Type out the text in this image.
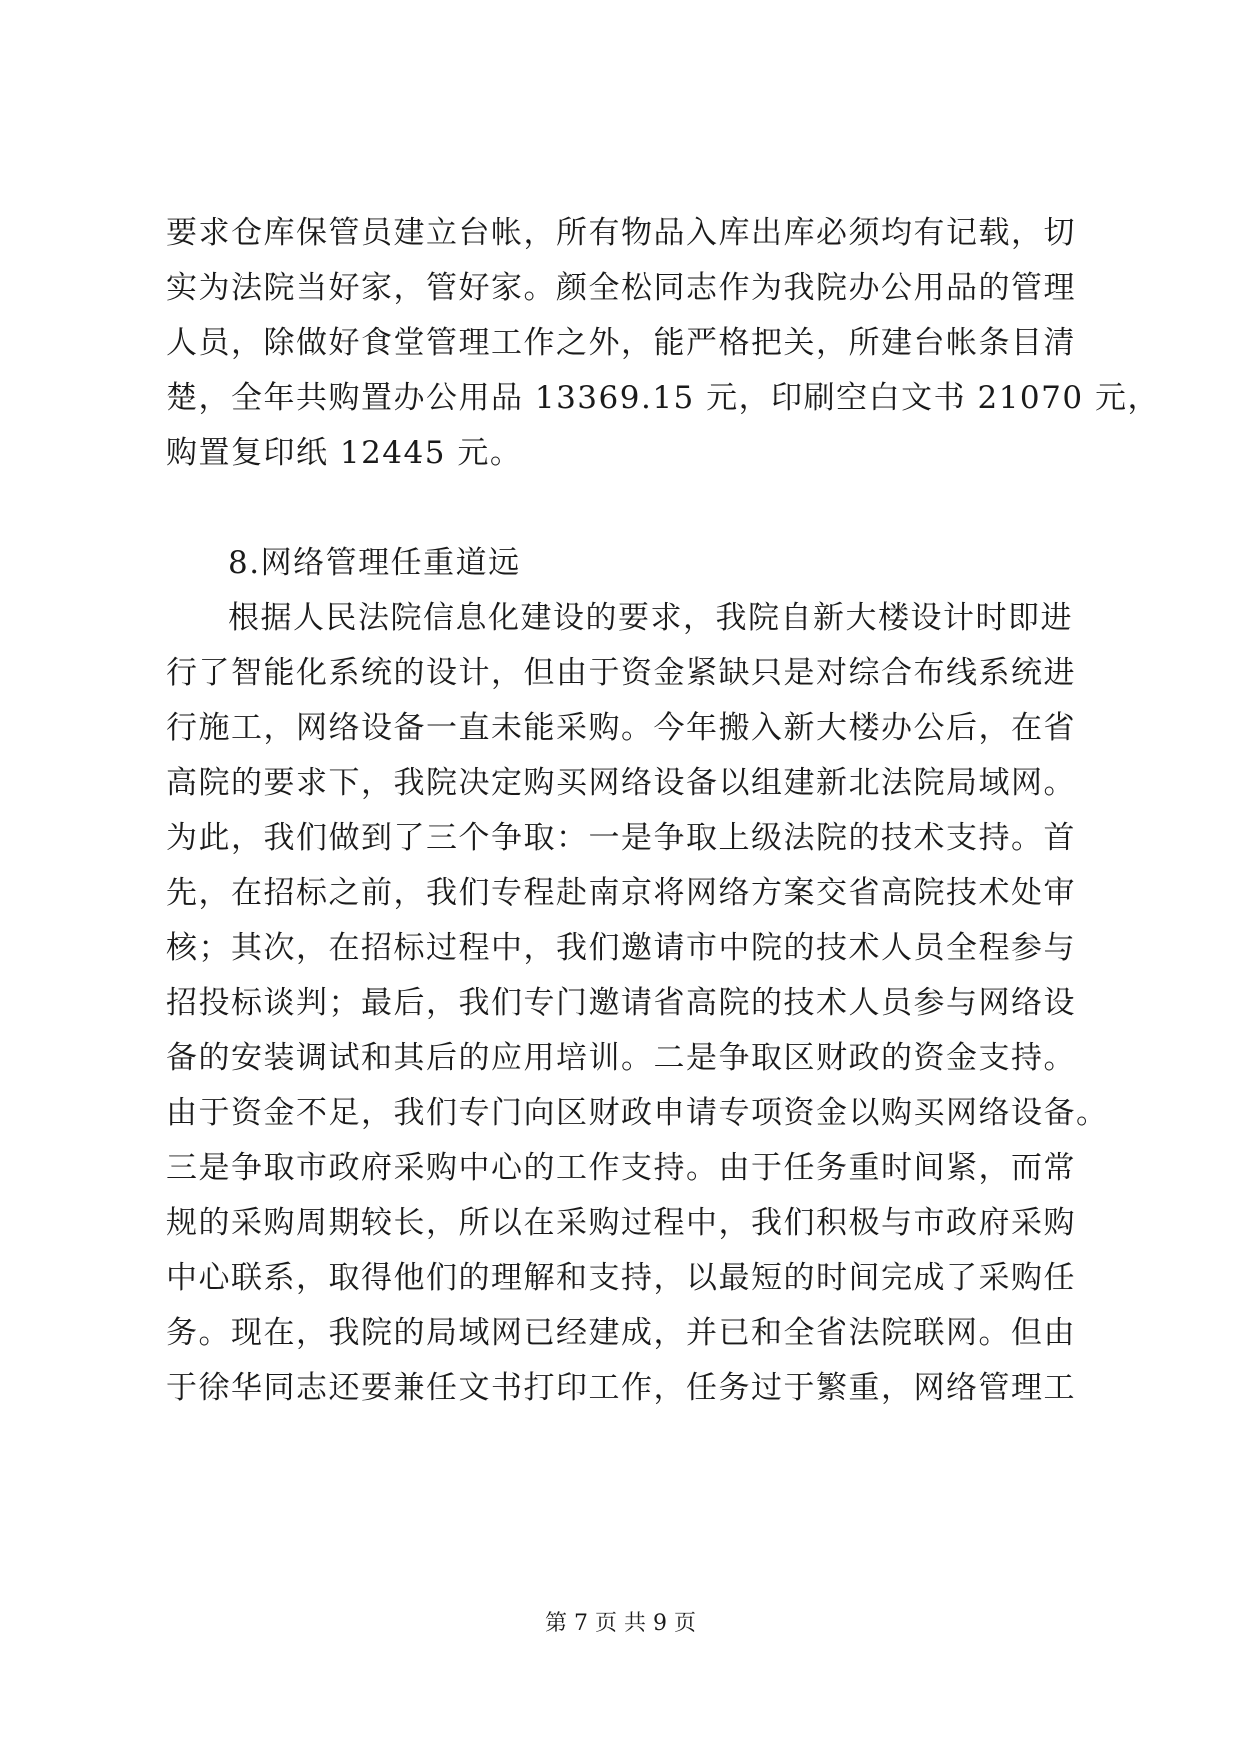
要求仓库保管员建立台帐，所有物品入库出库必须均有记载，切
实为法院当好家，管好家。颜全松同志作为我院办公用品的管理
人员，除做好食堂管理工作之外，能严格把关，所建台帐条目清
楚，全年共购置办公用品 13369.15 元，印刷空白文书 21070 元，
购置复印纸 12445 元。
8.网络管理任重道远
根据人民法院信息化建设的要求，我院自新大楼设计时即进
行了智能化系统的设计，但由于资金紧缺只是对综合布线系统进
行施工，网络设备一直未能采购。今年搬入新大楼办公后，在省
高院的要求下，我院决定购买网络设备以组建新北法院局域网。
为此，我们做到了三个争取：一是争取上级法院的技术支持。首
先，在招标之前，我们专程赴南京将网络方案交省高院技术处审
核；其次，在招标过程中，我们邀请市中院的技术人员全程参与
招投标谈判；最后，我们专门邀请省高院的技术人员参与网络设
备的安装调试和其后的应用培训。二是争取区财政的资金支持。
由于资金不足，我们专门向区财政申请专项资金以购买网络设备。
三是争取市政府采购中心的工作支持。由于任务重时间紧，而常
规的采购周期较长，所以在采购过程中，我们积极与市政府采购
中心联系，取得他们的理解和支持，以最短的时间完成了采购任
务。现在，我院的局域网已经建成，并已和全省法院联网。但由
于徐华同志还要兼任文书打印工作，任务过于繁重，网络管理工
第 7 页 共 9 页
